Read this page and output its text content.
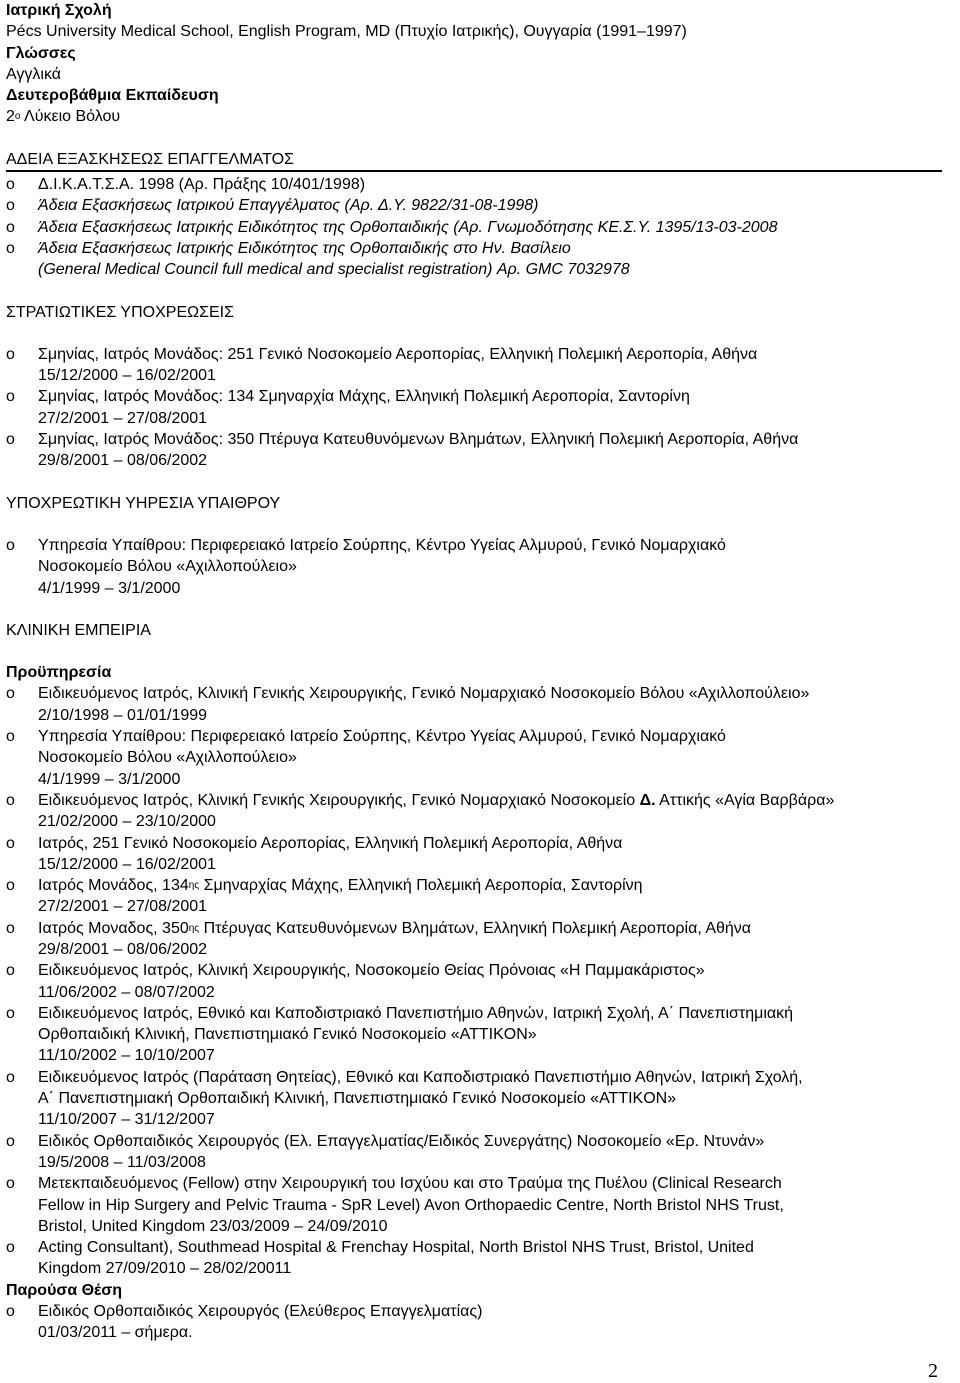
Ιατρική Σχολή
Pécs University Medical School, English Program, MD (Πτυχίο Ιατρικής), Ουγγαρία (1991–1997)
Γλώσσες
Αγγλικά
Δευτεροβάθμια Εκπαίδευση
$2^o$ Λύκειο Βόλου
ΑΔΕΙΑ ΕΞΑΣΚΗΣΕΩΣ ΕΠΑΓΓΕΛΜΑΤΟΣ
o	Δ.Ι.Κ.Α.Τ.Σ.Α. 1998 (Αρ. Πράξης 10/401/1998)
o	Άδεια Εξασκήσεως Ιατρικού Επαγγέλματος (Αρ. Δ.Υ. 9822/31-08-1998)
o	Άδεια Εξασκήσεως Ιατρικής Ειδικότητος της Ορθοπαιδικής (Αρ. Γνωμοδότησης ΚΕ.Σ.Υ. 1395/13-03-2008
o	Άδεια Εξασκήσεως Ιατρικής Ειδικότητος της Ορθοπαιδικής στο Ην. Βασίλειο
(General Medical Council full medical and specialist registration) Αρ. GMC 7032978
ΣΤΡΑΤΙΩΤΙΚΕΣ ΥΠΟΧΡΕΩΣΕΙΣ
o	Σμηνίας, Ιατρός Μονάδος: 251 Γενικό Νοσοκομείο Αεροπορίας, Ελληνική Πολεμική Αεροπορία, Αθήνα
15/12/2000 – 16/02/2001
o	Σμηνίας, Ιατρός Μονάδος: 134 Σμηναρχία Μάχης, Ελληνική Πολεμική Αεροπορία, Σαντορίνη
27/2/2001 – 27/08/2001
o	Σμηνίας, Ιατρός Μονάδος: 350 Πτέρυγα Κατευθυνόμενων Βλημάτων, Ελληνική Πολεμική Αεροπορία, Αθήνα
29/8/2001 – 08/06/2002
ΥΠΟΧΡΕΩΤΙΚΗ ΥΗΡΕΣΙΑ ΥΠΑΙΘΡΟΥ
o	Υπηρεσία Υπαίθρου: Περιφερειακό Ιατρείο Σούρπης, Κέντρο Υγείας Αλμυρού, Γενικό Νομαρχιακό
Νοσοκομείο Βόλου «Αχιλλοπούλειο»
4/1/1999 – 3/1/2000
ΚΛΙΝΙΚΗ ΕΜΠΕΙΡΙΑ
Προϋπηρεσία
o	Ειδικευόμενος Ιατρός, Κλινική Γενικής Χειρουργικής, Γενικό Νομαρχιακό Νοσοκομείο Βόλου «Αχιλλοπούλειο»
2/10/1998 – 01/01/1999
o	Υπηρεσία Υπαίθρου: Περιφερειακό Ιατρείο Σούρπης, Κέντρο Υγείας Αλμυρού, Γενικό Νομαρχιακό
Νοσοκομείο Βόλου «Αχιλλοπούλειο»
4/1/1999 – 3/1/2000
o	Ειδικευόμενος Ιατρός, Κλινική Γενικής Χειρουργικής, Γενικό Νομαρχιακό Νοσοκομείο Δ. Αττικής «Αγία Βαρβάρα»
21/02/2000 – 23/10/2000
o	Ιατρός, 251 Γενικό Νοσοκομείο Αεροπορίας, Ελληνική Πολεμική Αεροπορία, Αθήνα
15/12/2000 – 16/02/2001
o	Ιατρός Μονάδος, $134^{\eta\varsigma}$ Σμηναρχίας Μάχης, Ελληνική Πολεμική Αεροπορία, Σαντορίνη
27/2/2001 – 27/08/2001
o	Ιατρός Μοναδος, $350^{\eta\varsigma}$ Πτέρυγας Κατευθυνόμενων Βλημάτων, Ελληνική Πολεμική Αεροπορία, Αθήνα
29/8/2001 – 08/06/2002
o	Ειδικευόμενος Ιατρός, Κλινική Χειρουργικής, Νοσοκομείο Θείας Πρόνοιας «Η Παμμακάριστος»
11/06/2002 – 08/07/2002
o	Ειδικευόμενος Ιατρός, Εθνικό και Καποδιστριακό Πανεπιστήμιο Αθηνών, Ιατρική Σχολή, Α΄ Πανεπιστημιακή
Ορθοπαιδική Κλινική, Πανεπιστημιακό Γενικό Νοσοκομείο «ATTIKON»
11/10/2002 – 10/10/2007
o	Ειδικευόμενος Ιατρός (Παράταση Θητείας), Εθνικό και Καποδιστριακό Πανεπιστήμιο Αθηνών, Ιατρική Σχολή,
Α΄ Πανεπιστημιακή Ορθοπαιδική Κλινική, Πανεπιστημιακό Γενικό Νοσοκομείο «ATTIKON»
11/10/2007 – 31/12/2007
o	Ειδικός Ορθοπαιδικός Χειρουργός (Ελ. Επαγγελματίας/Ειδικός Συνεργάτης) Νοσοκομείο «Ερ. Ντυνάν»
19/5/2008 – 11/03/2008
o	Μετεκπαιδευόμενος (Fellow) στην Χειρουργική του Ισχύου και στο Τραύμα της Πυέλου (Clinical Research
Fellow in Hip Surgery and Pelvic Trauma - SpR Level) Avon Orthopaedic Centre, North Bristol NHS Trust,
Bristol, United Kingdom 23/03/2009 – 24/09/2010
o	Acting Consultant), Southmead Hospital & Frenchay Hospital, North Bristol NHS Trust, Bristol, United
Kingdom 27/09/2010 – 28/02/20011
Παρούσα Θέση
o	Ειδικός Ορθοπαιδικός Χειρουργός (Ελεύθερος Επαγγελματίας)
01/03/2011 – σήμερα.
2
